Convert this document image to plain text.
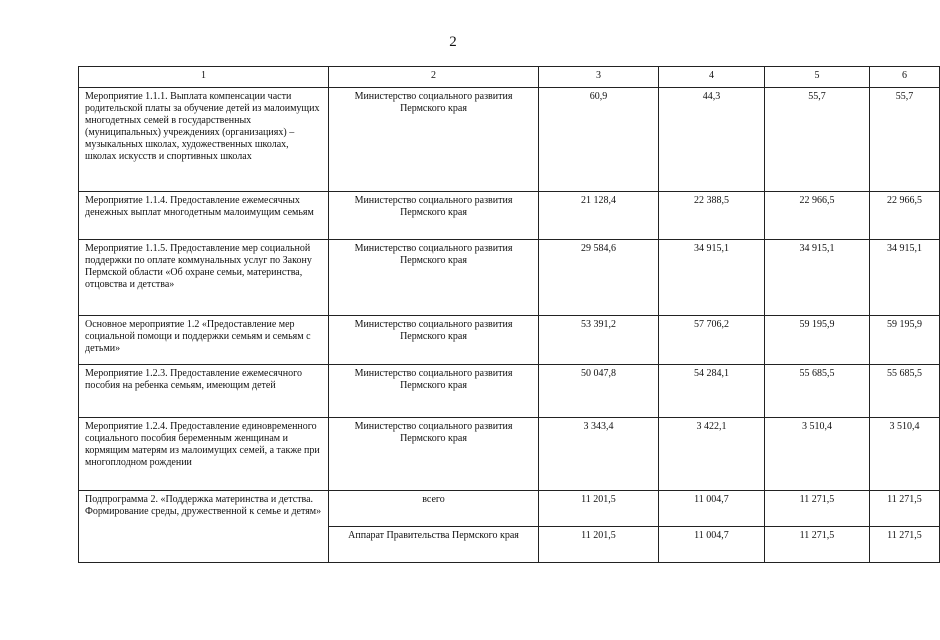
2
1	2	3	4	5	6
Мероприятие 1.1.1. Выплата компенсации части родительской платы за обучение детей из малоимущих многодетных семей в государственных (муниципальных) учреждениях (организациях) – музыкальных школах, художественных школах, школах искусств и спортивных школах	Министерство социального развития Пермского края	60,9	44,3	55,7	55,7
Мероприятие 1.1.4. Предоставление ежемесячных денежных выплат многодетным малоимущим семьям	Министерство социального развития Пермского края	21 128,4	22 388,5	22 966,5	22 966,5
Мероприятие 1.1.5. Предоставление мер социальной поддержки по оплате коммунальных услуг по Закону Пермской области «Об охране семьи, материнства, отцовства и детства»	Министерство социального развития Пермского края	29 584,6	34 915,1	34 915,1	34 915,1
Основное мероприятие 1.2 «Предоставление мер социальной помощи и поддержки семьям и семьям с детьми»	Министерство социального развития Пермского края	53 391,2	57 706,2	59 195,9	59 195,9
Мероприятие 1.2.3. Предоставление ежемесячного пособия на ребенка семьям, имеющим детей	Министерство социального развития Пермского края	50 047,8	54 284,1	55 685,5	55 685,5
Мероприятие 1.2.4. Предоставление единовременного социального пособия беременным женщинам и кормящим матерям из малоимущих семей, а также при многоплодном рождении	Министерство социального развития Пермского края	3 343,4	3 422,1	3 510,4	3 510,4
Подпрограмма 2. «Поддержка материнства и детства. Формирование среды, дружественной к семье и детям»	всего	11 201,5	11 004,7	11 271,5	11 271,5
	Аппарат Правительства Пермского края	11 201,5	11 004,7	11 271,5	11 271,5
